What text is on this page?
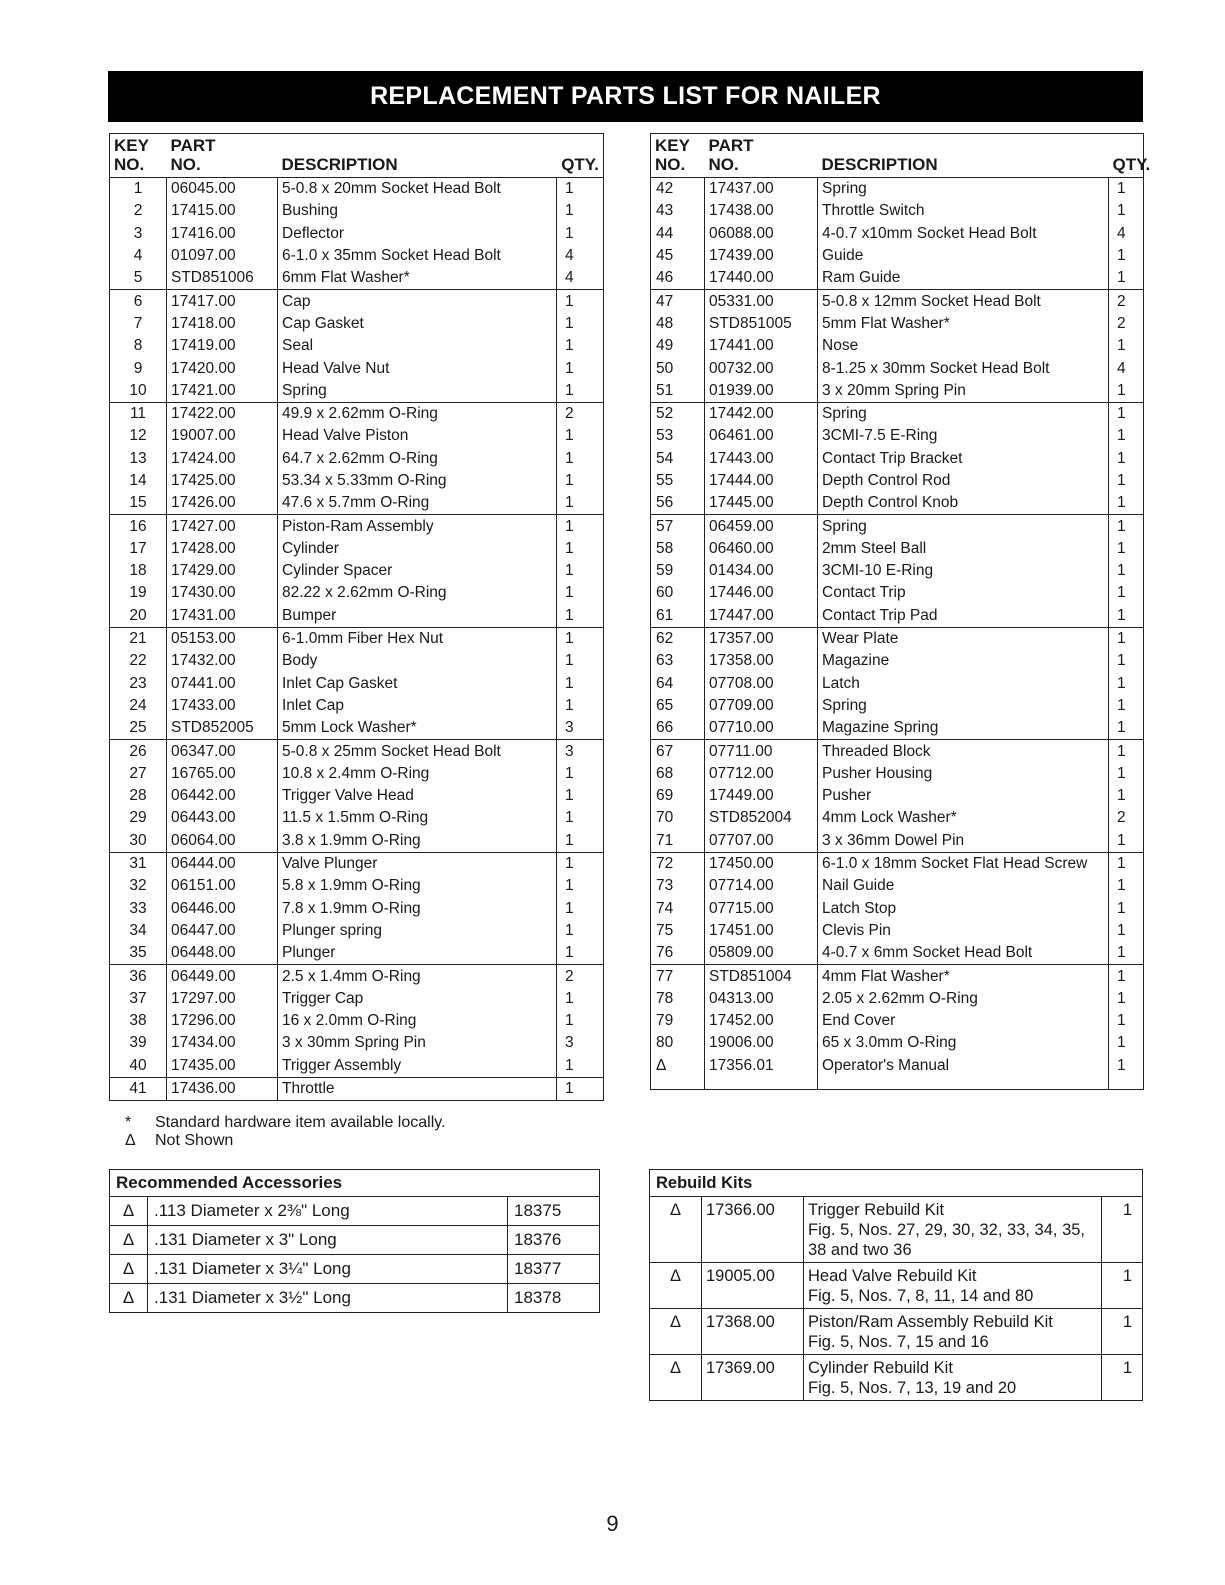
REPLACEMENT PARTS LIST FOR NAILER
KEY
NO.	PART
NO.	DESCRIPTION	QTY.
1	06045.00	5-0.8 x 20mm Socket Head Bolt	1
2	17415.00	Bushing	1
3	17416.00	Deflector	1
4	01097.00	6-1.0 x 35mm Socket Head Bolt	4
5	STD851006	6mm Flat Washer*	4
6	17417.00	Cap	1
7	17418.00	Cap Gasket	1
8	17419.00	Seal	1
9	17420.00	Head Valve Nut	1
10	17421.00	Spring	1
11	17422.00	49.9 x 2.62mm O-Ring	2
12	19007.00	Head Valve Piston	1
13	17424.00	64.7 x 2.62mm O-Ring	1
14	17425.00	53.34 x 5.33mm O-Ring	1
15	17426.00	47.6 x 5.7mm O-Ring	1
16	17427.00	Piston-Ram Assembly	1
17	17428.00	Cylinder	1
18	17429.00	Cylinder Spacer	1
19	17430.00	82.22 x 2.62mm O-Ring	1
20	17431.00	Bumper	1
21	05153.00	6-1.0mm Fiber Hex Nut	1
22	17432.00	Body	1
23	07441.00	Inlet Cap Gasket	1
24	17433.00	Inlet Cap	1
25	STD852005	5mm Lock Washer*	3
26	06347.00	5-0.8 x 25mm Socket Head Bolt	3
27	16765.00	10.8 x 2.4mm O-Ring	1
28	06442.00	Trigger Valve Head	1
29	06443.00	11.5 x 1.5mm O-Ring	1
30	06064.00	3.8 x 1.9mm O-Ring	1
31	06444.00	Valve Plunger	1
32	06151.00	5.8 x 1.9mm O-Ring	1
33	06446.00	7.8 x 1.9mm O-Ring	1
34	06447.00	Plunger spring	1
35	06448.00	Plunger	1
36	06449.00	2.5 x 1.4mm O-Ring	2
37	17297.00	Trigger Cap	1
38	17296.00	16 x 2.0mm O-Ring	1
39	17434.00	3 x 30mm Spring Pin	3
40	17435.00	Trigger Assembly	1
41	17436.00	Throttle	1
KEY
NO.	PART
NO.	DESCRIPTION	QTY.
42	17437.00	Spring	1
43	17438.00	Throttle Switch	1
44	06088.00	4-0.7 x10mm Socket Head Bolt	4
45	17439.00	Guide	1
46	17440.00	Ram Guide	1
47	05331.00	5-0.8 x 12mm Socket Head Bolt	2
48	STD851005	5mm Flat Washer*	2
49	17441.00	Nose	1
50	00732.00	8-1.25 x 30mm Socket Head Bolt	4
51	01939.00	3 x 20mm Spring Pin	1
52	17442.00	Spring	1
53	06461.00	3CMI-7.5 E-Ring	1
54	17443.00	Contact Trip Bracket	1
55	17444.00	Depth Control Rod	1
56	17445.00	Depth Control Knob	1
57	06459.00	Spring	1
58	06460.00	2mm Steel Ball	1
59	01434.00	3CMI-10 E-Ring	1
60	17446.00	Contact Trip	1
61	17447.00	Contact Trip Pad	1
62	17357.00	Wear Plate	1
63	17358.00	Magazine	1
64	07708.00	Latch	1
65	07709.00	Spring	1
66	07710.00	Magazine Spring	1
67	07711.00	Threaded Block	1
68	07712.00	Pusher Housing	1
69	17449.00	Pusher	1
70	STD852004	4mm Lock Washer*	2
71	07707.00	3 x 36mm Dowel Pin	1
72	17450.00	6-1.0 x 18mm Socket Flat Head Screw	1
73	07714.00	Nail Guide	1
74	07715.00	Latch Stop	1
75	17451.00	Clevis Pin	1
76	05809.00	4-0.7 x 6mm Socket Head Bolt	1
77	STD851004	4mm Flat Washer*	1
78	04313.00	2.05 x 2.62mm O-Ring	1
79	17452.00	End Cover	1
80	19006.00	65 x 3.0mm O-Ring	1
Δ	17356.01	Operator's Manual	1

*	Standard hardware item available locally.
Δ	Not Shown
Recommended Accessories		
Δ	.113 Diameter x 2⅜" Long	18375
Δ	.131 Diameter x 3" Long	18376
Δ	.131 Diameter x 3¼" Long	18377
Δ	.131 Diameter x 3½" Long	18378
Rebuild Kits			
Δ	17366.00	Trigger Rebuild Kit
Fig. 5, Nos. 27, 29, 30, 32, 33, 34, 35, 38 and two 36	1
Δ	19005.00	Head Valve Rebuild Kit
Fig. 5, Nos. 7, 8, 11, 14 and 80	1
Δ	17368.00	Piston/Ram Assembly Rebuild Kit
Fig. 5, Nos. 7, 15 and 16	1
Δ	17369.00	Cylinder Rebuild Kit
Fig. 5, Nos. 7, 13, 19 and 20	1
9
